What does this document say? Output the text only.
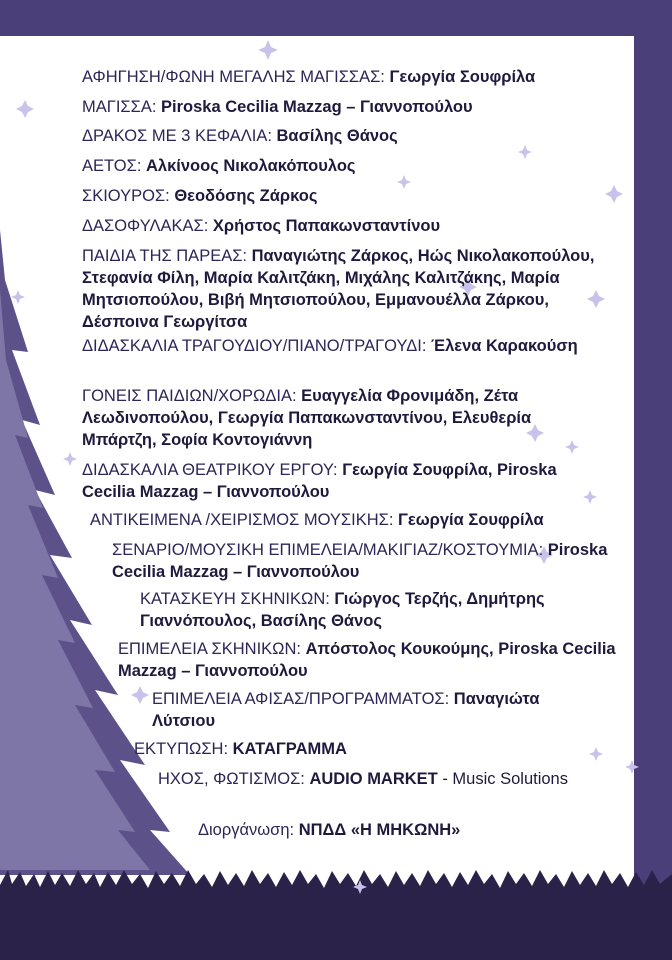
ΑΦΗΓΗΣΗ/ΦΩΝΗ ΜΕΓΑΛΗΣ ΜΑΓΙΣΣΑΣ: Γεωργία Σουφρίλα
ΜΑΓΙΣΣΑ: Piroska Cecilia Mazzag – Γιαννοπούλου
ΔΡΑΚΟΣ ΜΕ 3 ΚΕΦΑΛΙΑ: Βασίλης Θάνος
ΑΕΤΟΣ: Αλκίνοος Νικολακόπουλος
ΣΚΙΟΥΡΟΣ: Θεοδόσης Ζάρκος
ΔΑΣΟΦΥΛΑΚΑΣ: Χρήστος Παπακωνσταντίνου
ΠΑΙΔΙΑ ΤΗΣ ΠΑΡΕΑΣ: Παναγιώτης Ζάρκος, Ηώς Νικολακοπούλου, Στεφανία Φίλη, Μαρία Καλιτζάκη, Μιχάλης Καλιτζάκης, Μαρία Μητσιοπούλου, Βιβή Μητσιοπούλου, Εμμανουέλλα Ζάρκου, Δέσποινα Γεωργίτσα
ΔΙΔΑΣΚΑΛΙΑ ΤΡΑΓΟΥΔΙΟΥ/ΠΙΑΝΟ/ΤΡΑΓΟΥΔΙ: Έλενα Καρακούση
ΓΟΝΕΙΣ ΠΑΙΔΙΩΝ/ΧΟΡΩΔΙΑ: Ευαγγελία Φρονιμάδη, Ζέτα Λεωδινοπούλου, Γεωργία Παπακωνσταντίνου, Ελευθερία Μπάρτζη, Σοφία Κοντογιάννη
ΔΙΔΑΣΚΑΛΙΑ ΘΕΑΤΡΙΚΟΥ ΕΡΓΟΥ: Γεωργία Σουφρίλα, Piroska Cecilia Mazzag – Γιαννοπούλου
ΑΝΤΙΚΕΙΜΕΝΑ /ΧΕΙΡΙΣΜΟΣ ΜΟΥΣΙΚΗΣ: Γεωργία Σουφρίλα
ΣΕΝΑΡΙΟ/ΜΟΥΣΙΚΗ ΕΠΙΜΕΛΕΙΑ/ΜΑΚΙΓΙΑΖ/ΚΟΣΤΟΥΜΙΑ: Piroska Cecilia Mazzag – Γιαννοπούλου
ΚΑΤΑΣΚΕΥΗ ΣΚΗΝΙΚΩΝ: Γιώργος Τερζής, Δημήτρης Γιαννόπουλος, Βασίλης Θάνος
ΕΠΙΜΕΛΕΙΑ ΣΚΗΝΙΚΩΝ: Απόστολος Κουκούμης, Piroska Cecilia Mazzag – Γιαννοπούλου
ΕΠΙΜΕΛΕΙΑ ΑΦΙΣΑΣ/ΠΡΟΓΡΑΜΜΑΤΟΣ: Παναγιώτα Λύτσιου
ΕΚΤΥΠΩΣΗ: ΚΑΤΑΓΡΑΜΜΑ
ΗΧΟΣ, ΦΩΤΙΣΜΟΣ: AUDIO MARKET - Music Solutions
Διοργάνωση: ΝΠΔΔ «Η ΜΗΚΩΝΗ»
